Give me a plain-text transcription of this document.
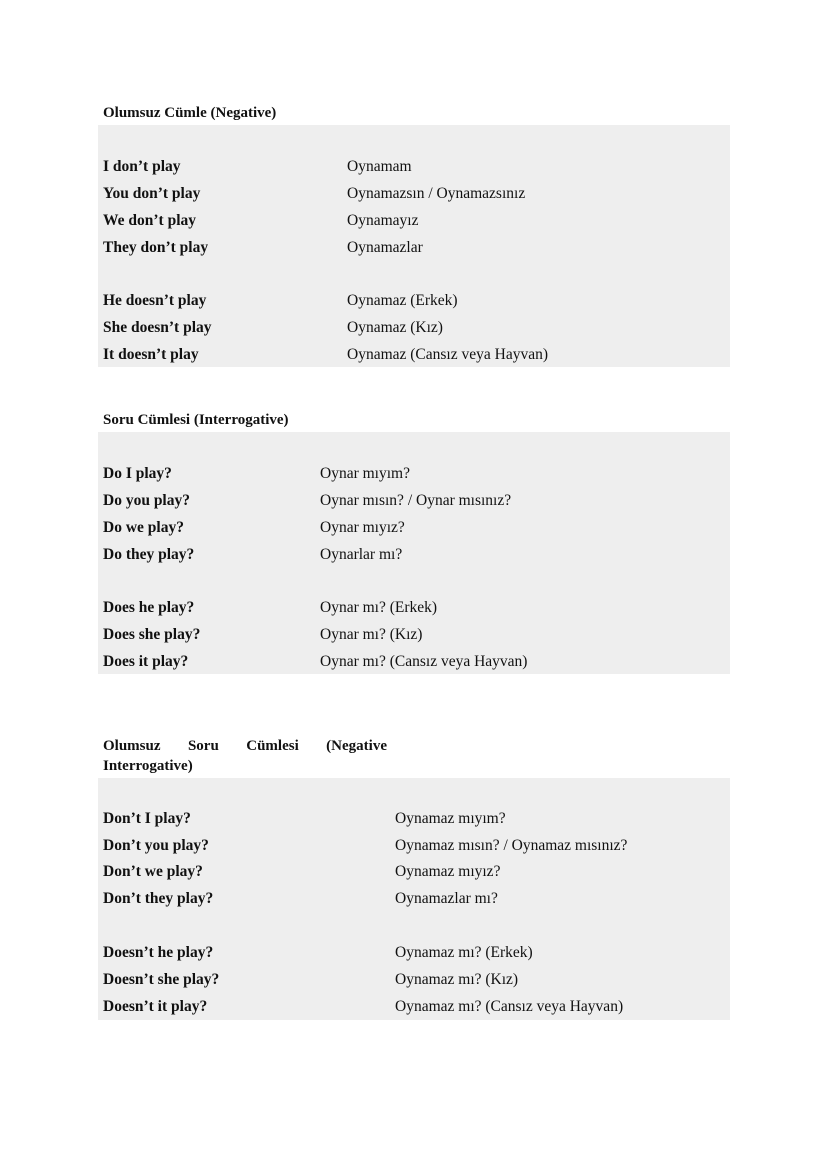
Olumsuz Cümle (Negative)
I don’t play	Oynamam
You don’t play	Oynamazsın / Oynamazsınız
We don’t play	Oynamayız
They don’t play	Oynamazlar
He doesn’t play	Oynamaz (Erkek)
She doesn’t play	Oynamaz (Kız)
It doesn’t play	Oynamaz (Cansız veya Hayvan)
Soru Cümlesi (Interrogative)
Do I play?	Oynar mıyım?
Do you play?	Oynar mısın? / Oynar mısınız?
Do we play?	Oynar mıyız?
Do they play?	Oynarlar mı?
Does he play?	Oynar mı? (Erkek)
Does she play?	Oynar mı? (Kız)
Does it play?	Oynar mı? (Cansız veya Hayvan)
Olumsuz Soru Cümlesi (Negative Interrogative)
Don’t I play?	Oynamaz mıyım?
Don’t you play?	Oynamaz mısın? / Oynamaz mısınız?
Don’t we play?	Oynamaz mıyız?
Don’t they play?	Oynamazlar mı?
Doesn’t he play?	Oynamaz mı? (Erkek)
Doesn’t she play?	Oynamaz mı? (Kız)
Doesn’t it play?	Oynamaz mı? (Cansız veya Hayvan)
